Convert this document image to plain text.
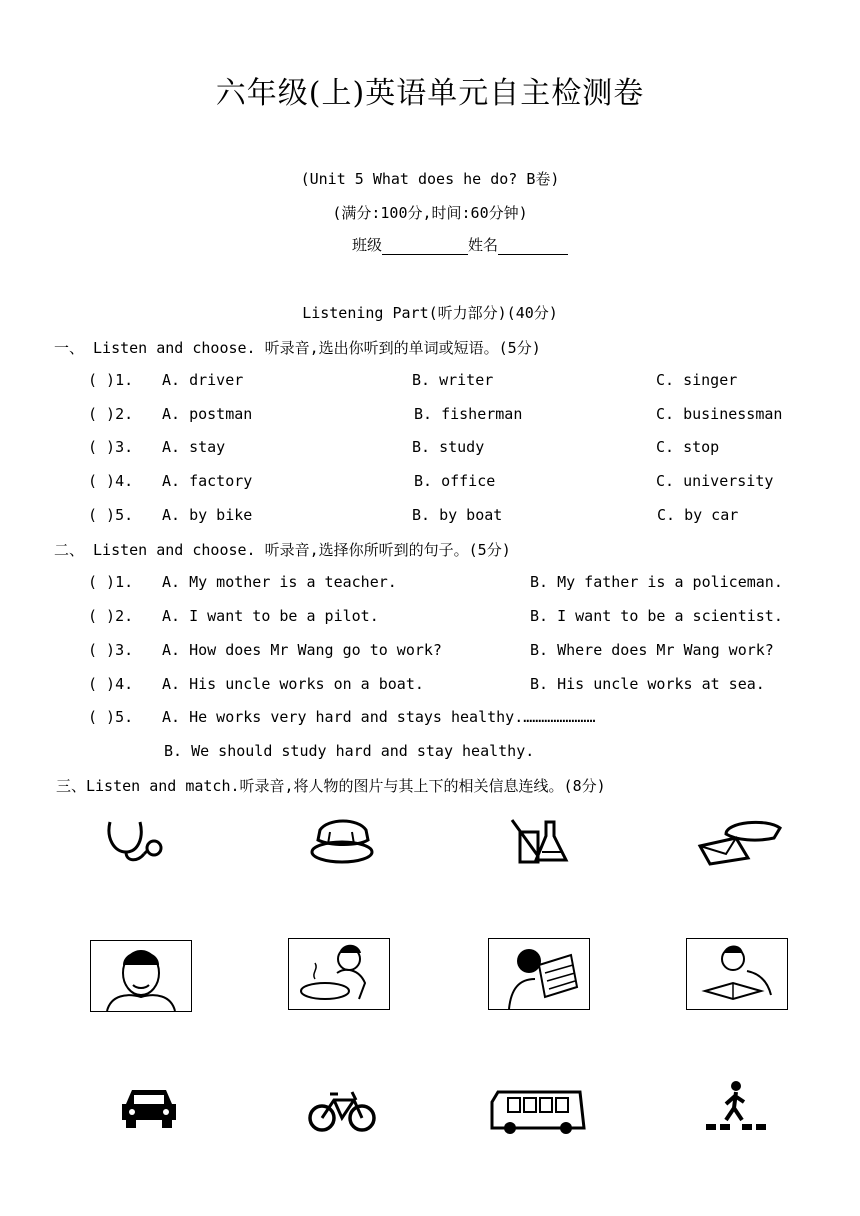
六年级(上)英语单元自主检测卷
(Unit 5 What does he do? B卷)
(满分:100分,时间:60分钟)
班级	姓名
Listening Part(听力部分)(40分)
一、 Listen and choose. 听录音,选出你听到的单词或短语。(5分)
( )1. A. driver	B. writer	C. singer
( )2. A. postman	B. fisherman	C. businessman
( )3. A. stay	B. study	C. stop
( )4. A. factory	B. office	C. university
( )5. A. by bike	B. by boat	C. by car
二、 Listen and choose. 听录音,选择你所听到的句子。(5分)
( )1. A. My mother is a teacher.	B. My father is a policeman.
( )2. A. I want to be a pilot.	B. I want to be a scientist.
( )3. A. How does Mr Wang go to work?	B. Where does Mr Wang work?
( )4. A. His uncle works on a boat.	B. His uncle works at sea.
( )5. A. He works very hard and stays healthy.……………………
B. We should study hard and stay healthy.
三、Listen and match.听录音,将人物的图片与其上下的相关信息连线。(8分)
